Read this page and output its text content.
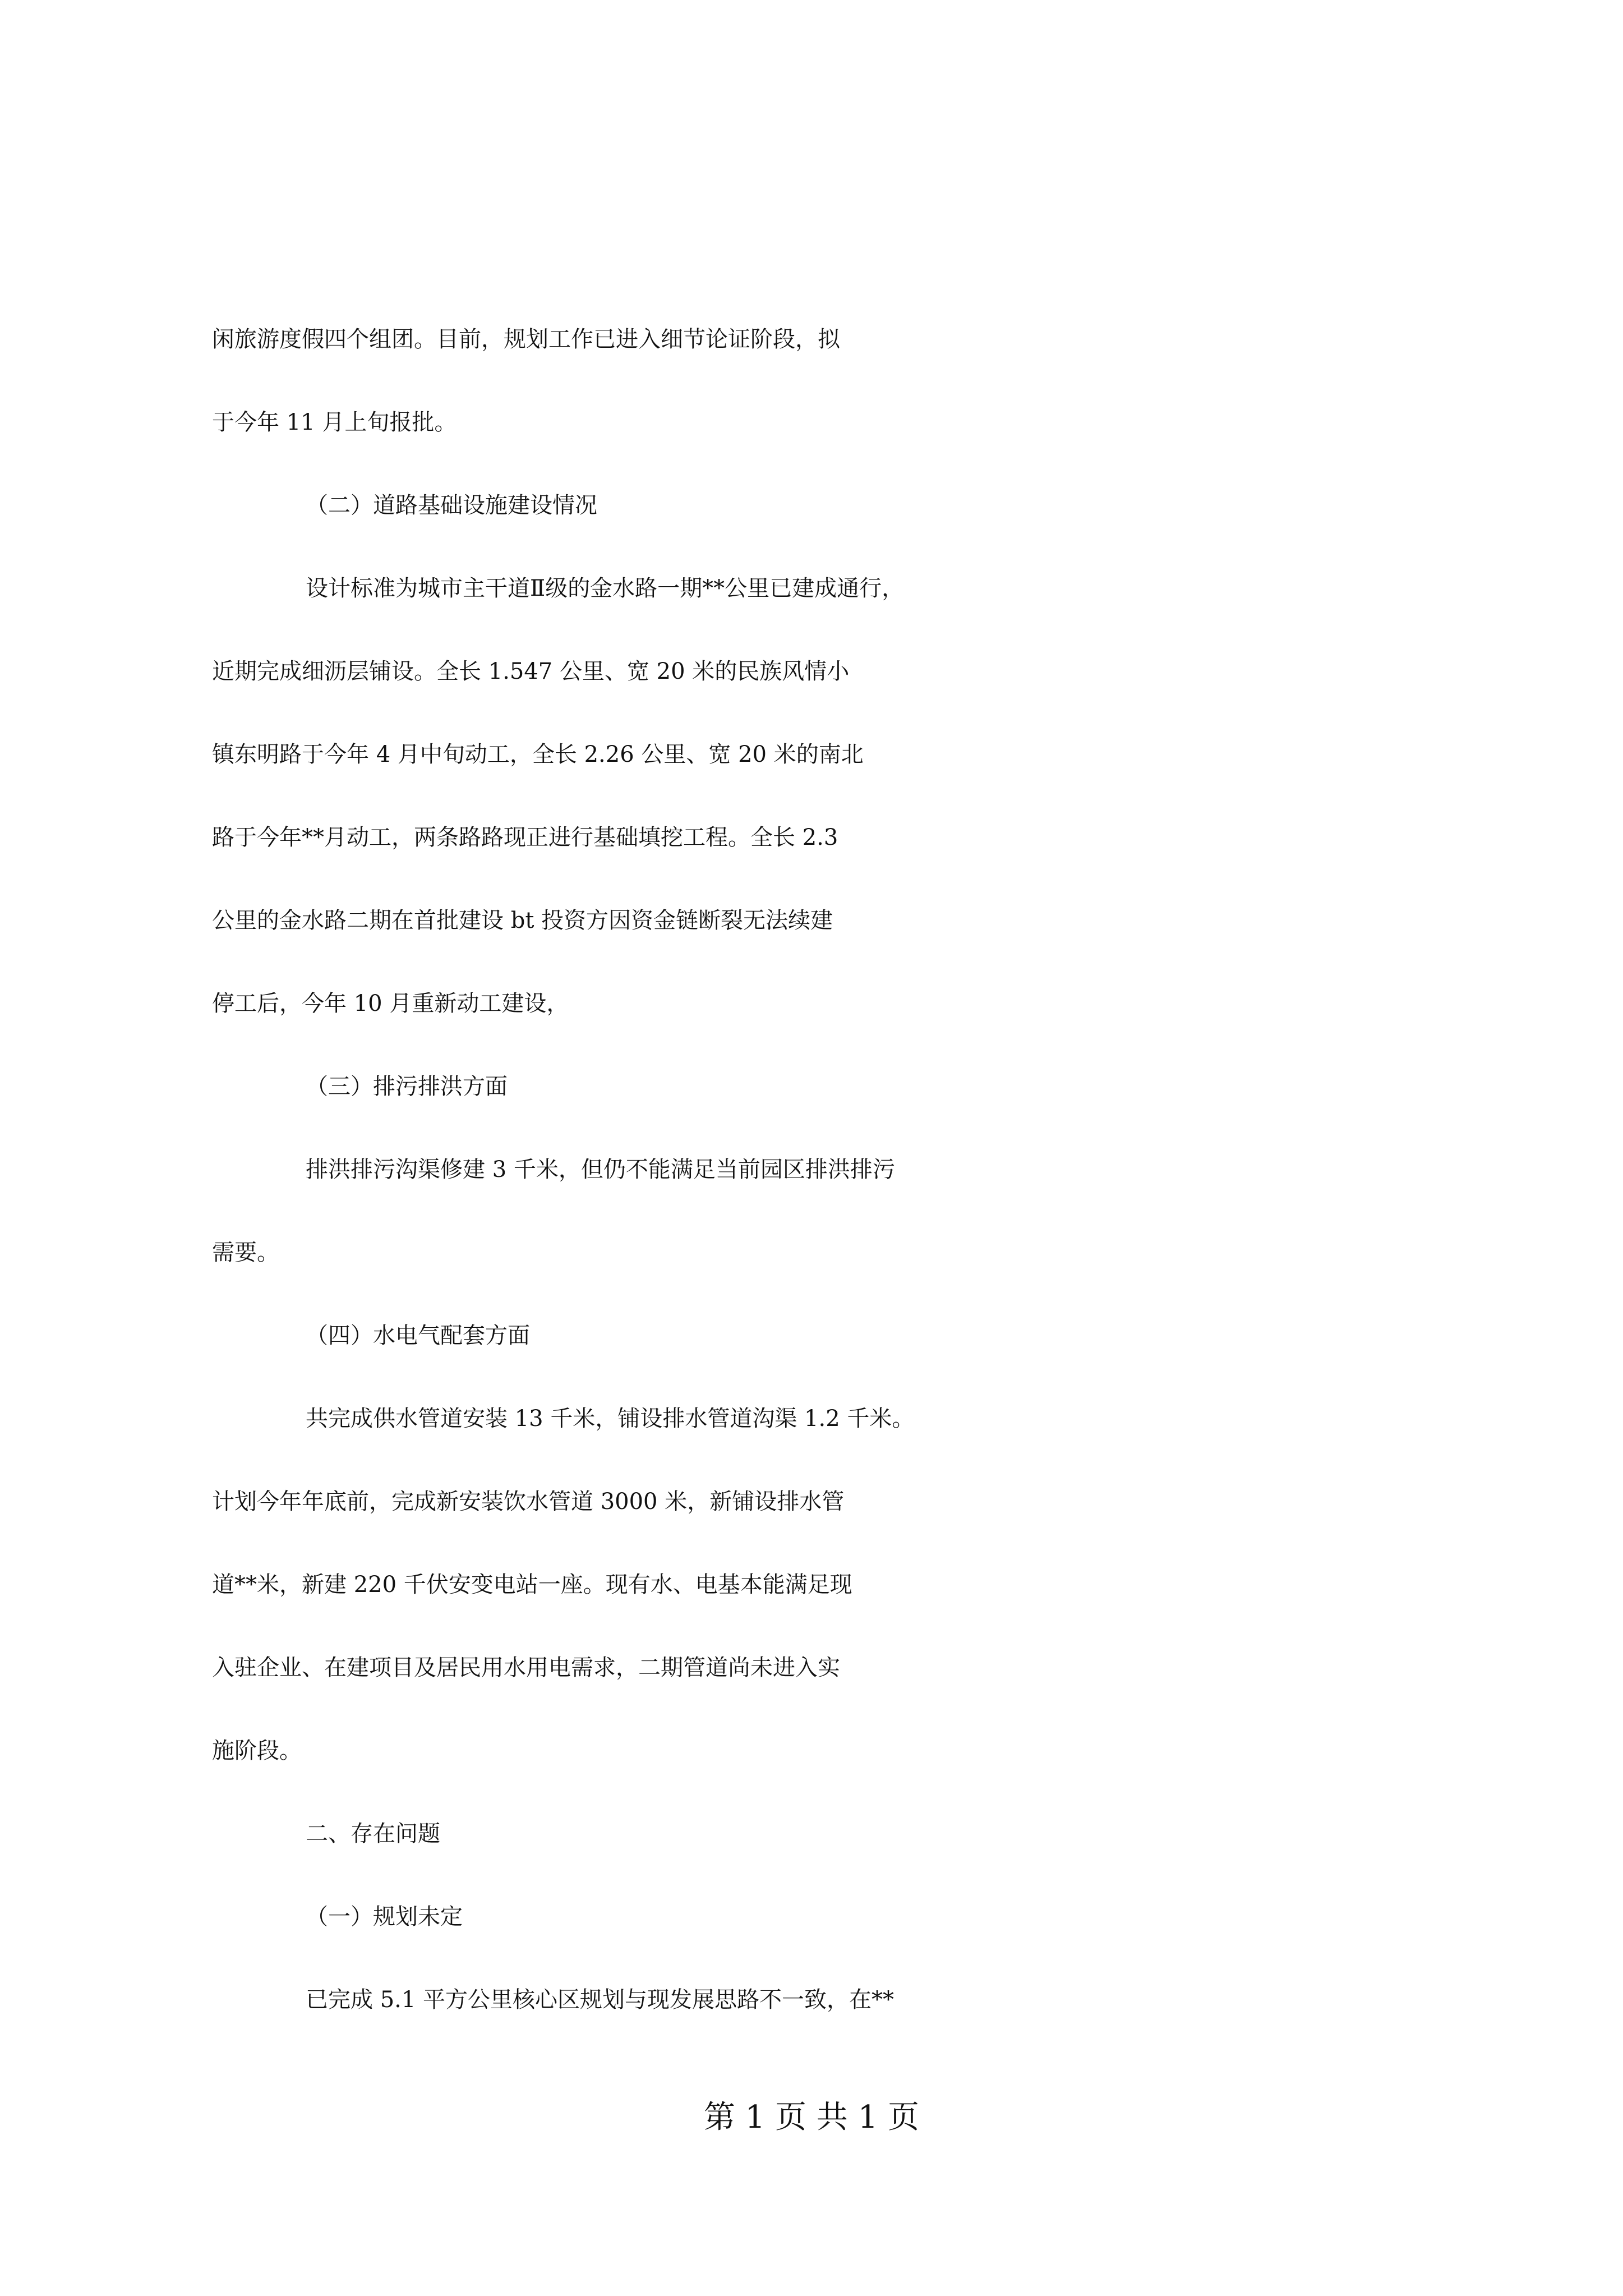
闲旅游度假四个组团。目前，规划工作已进入细节论证阶段，拟
于今年 11 月上旬报批。
（二）道路基础设施建设情况
设计标准为城市主干道Ⅱ级的金水路一期**公里已建成通行，
近期完成细沥层铺设。全长 1.547 公里、宽 20 米的民族风情小
镇东明路于今年 4 月中旬动工，全长 2.26 公里、宽 20 米的南北
路于今年**月动工，两条路路现正进行基础填挖工程。全长 2.3
公里的金水路二期在首批建设 bt 投资方因资金链断裂无法续建
停工后，今年 10 月重新动工建设，
（三）排污排洪方面
排洪排污沟渠修建 3 千米，但仍不能满足当前园区排洪排污
需要。
（四）水电气配套方面
共完成供水管道安装 13 千米，铺设排水管道沟渠 1.2 千米。
计划今年年底前，完成新安装饮水管道 3000 米，新铺设排水管
道**米，新建 220 千伏安变电站一座。现有水、电基本能满足现
入驻企业、在建项目及居民用水用电需求，二期管道尚未进入实
施阶段。
二、存在问题
（一）规划未定
已完成 5.1 平方公里核心区规划与现发展思路不一致，在**
第 1 页 共 1 页
